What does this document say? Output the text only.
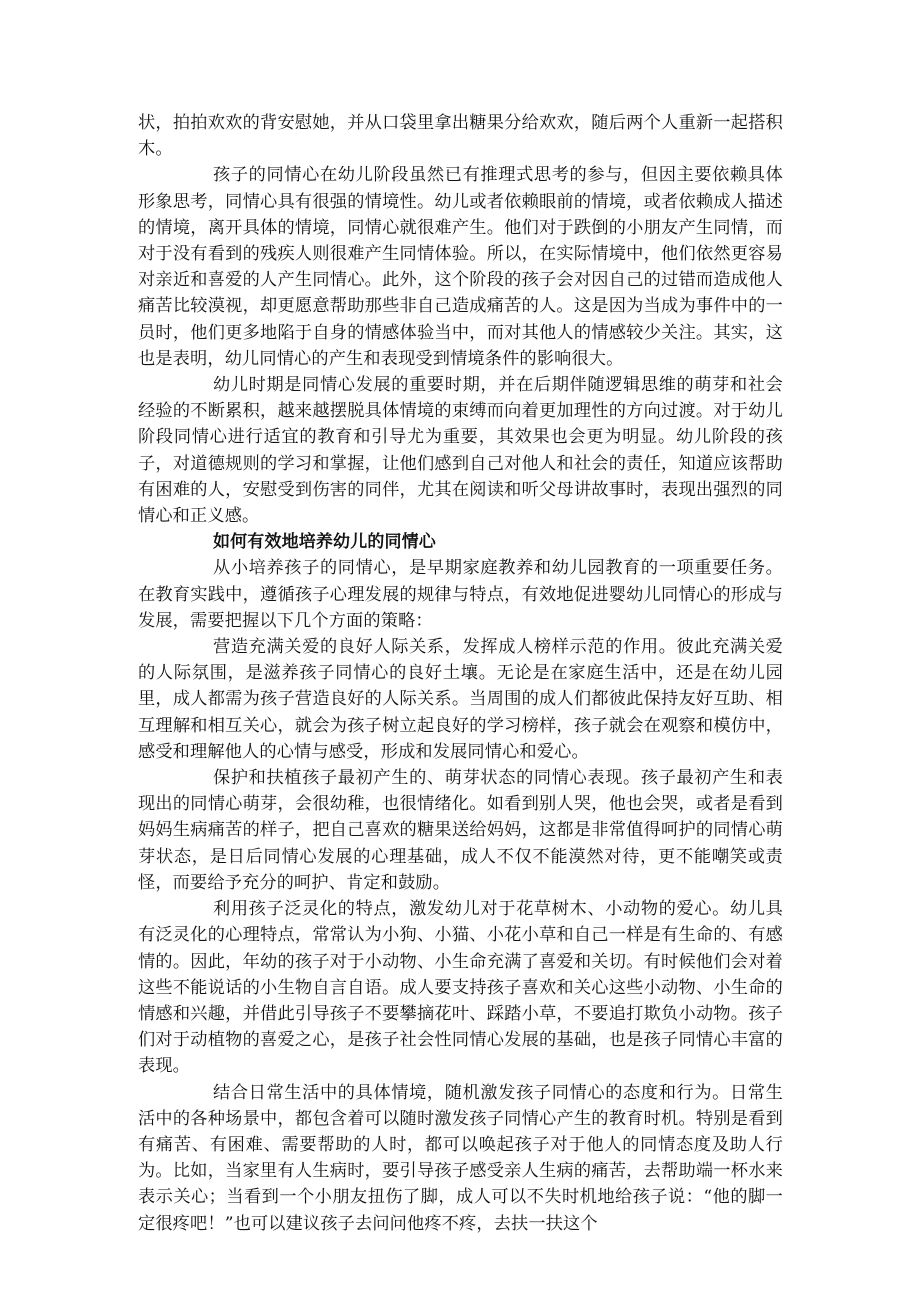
状，拍拍欢欢的背安慰她，并从口袋里拿出糖果分给欢欢，随后两个人重新一起搭积木。

孩子的同情心在幼儿阶段虽然已有推理式思考的参与，但因主要依赖具体形象思考，同情心具有很强的情境性。幼儿或者依赖眼前的情境，或者依赖成人描述的情境，离开具体的情境，同情心就很难产生。他们对于跌倒的小朋友产生同情，而对于没有看到的残疾人则很难产生同情体验。所以，在实际情境中，他们依然更容易对亲近和喜爱的人产生同情心。此外，这个阶段的孩子会对因自己的过错而造成他人痛苦比较漠视，却更愿意帮助那些非自己造成痛苦的人。这是因为当成为事件中的一员时，他们更多地陷于自身的情感体验当中，而对其他人的情感较少关注。其实，这也是表明，幼儿同情心的产生和表现受到情境条件的影响很大。

幼儿时期是同情心发展的重要时期，并在后期伴随逻辑思维的萌芽和社会经验的不断累积，越来越摆脱具体情境的束缚而向着更加理性的方向过渡。对于幼儿阶段同情心进行适宜的教育和引导尤为重要，其效果也会更为明显。幼儿阶段的孩子，对道德规则的学习和掌握，让他们感到自己对他人和社会的责任，知道应该帮助有困难的人，安慰受到伤害的同伴，尤其在阅读和听父母讲故事时，表现出强烈的同情心和正义感。

如何有效地培养幼儿的同情心

从小培养孩子的同情心，是早期家庭教养和幼儿园教育的一项重要任务。在教育实践中，遵循孩子心理发展的规律与特点，有效地促进婴幼儿同情心的形成与发展，需要把握以下几个方面的策略：

营造充满关爱的良好人际关系，发挥成人榜样示范的作用。彼此充满关爱的人际氛围，是滋养孩子同情心的良好土壤。无论是在家庭生活中，还是在幼儿园里，成人都需为孩子营造良好的人际关系。当周围的成人们都彼此保持友好互助、相互理解和相互关心，就会为孩子树立起良好的学习榜样，孩子就会在观察和模仿中，感受和理解他人的心情与感受，形成和发展同情心和爱心。

保护和扶植孩子最初产生的、萌芽状态的同情心表现。孩子最初产生和表现出的同情心萌芽，会很幼稚，也很情绪化。如看到别人哭，他也会哭，或者是看到妈妈生病痛苦的样子，把自己喜欢的糖果送给妈妈，这都是非常值得呵护的同情心萌芽状态，是日后同情心发展的心理基础，成人不仅不能漠然对待，更不能嘲笑或责怪，而要给予充分的呵护、肯定和鼓励。

利用孩子泛灵化的特点，激发幼儿对于花草树木、小动物的爱心。幼儿具有泛灵化的心理特点，常常认为小狗、小猫、小花小草和自己一样是有生命的、有感情的。因此，年幼的孩子对于小动物、小生命充满了喜爱和关切。有时候他们会对着这些不能说话的小生物自言自语。成人要支持孩子喜欢和关心这些小动物、小生命的情感和兴趣，并借此引导孩子不要攀摘花叶、踩踏小草，不要追打欺负小动物。孩子们对于动植物的喜爱之心，是孩子社会性同情心发展的基础，也是孩子同情心丰富的表现。

结合日常生活中的具体情境，随机激发孩子同情心的态度和行为。日常生活中的各种场景中，都包含着可以随时激发孩子同情心产生的教育时机。特别是看到有痛苦、有困难、需要帮助的人时，都可以唤起孩子对于他人的同情态度及助人行为。比如，当家里有人生病时，要引导孩子感受亲人生病的痛苦，去帮助端一杯水来表示关心；当看到一个小朋友扭伤了脚，成人可以不失时机地给孩子说：“他的脚一定很疼吧！”也可以建议孩子去问问他疼不疼，去扶一扶这个
